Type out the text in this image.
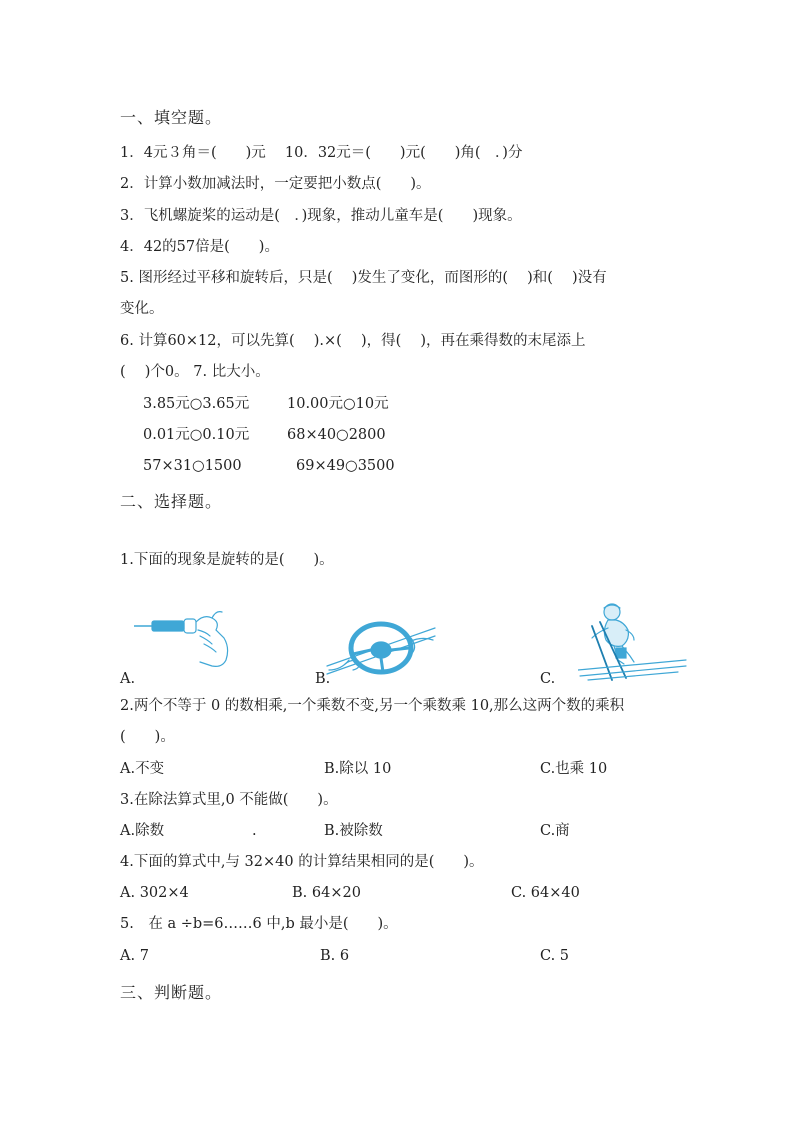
一、填空题。
1．4元３角＝(　　)元　 10．32元＝(　　)元(　　)角(　．)分
2．计算小数加减法时，一定要把小数点(　　)。
3．飞机螺旋桨的运动是(　．)现象，推动儿童车是(　　)现象。
4．42的57倍是(　　)。
5. 图形经过平移和旋转后，只是(　 )发生了变化，而图形的(　 )和(　 )没有
变化。
6. 计算60×12，可以先算(　 ).×(　 )，得(　 )，再在乘得数的末尾添上
(　 )个0。 7. 比大小。
3.85元○3.65元	10.00元○10元
0.01元○0.10元	68×40○2800
57×31○1500	69×49○3500
二、选择题。
1.下面的现象是旋转的是(　　)。
A.	B.	C.
2.两个不等于 0 的数相乘,一个乘数不变,另一个乘数乘 10,那么这两个数的乘积
(　　)。
A.不变	B.除以 10	C.也乘 10
3.在除法算式里,0 不能做(　　)。
A.除数	.	B.被除数	C.商
4.下面的算式中,与 32×40 的计算结果相同的是(　　)。
A. 302×4	B. 64×20	C. 64×40
5.　在 a ÷b=6……6 中,b 最小是(　　)。
A. 7	B. 6	C. 5
三、判断题。
